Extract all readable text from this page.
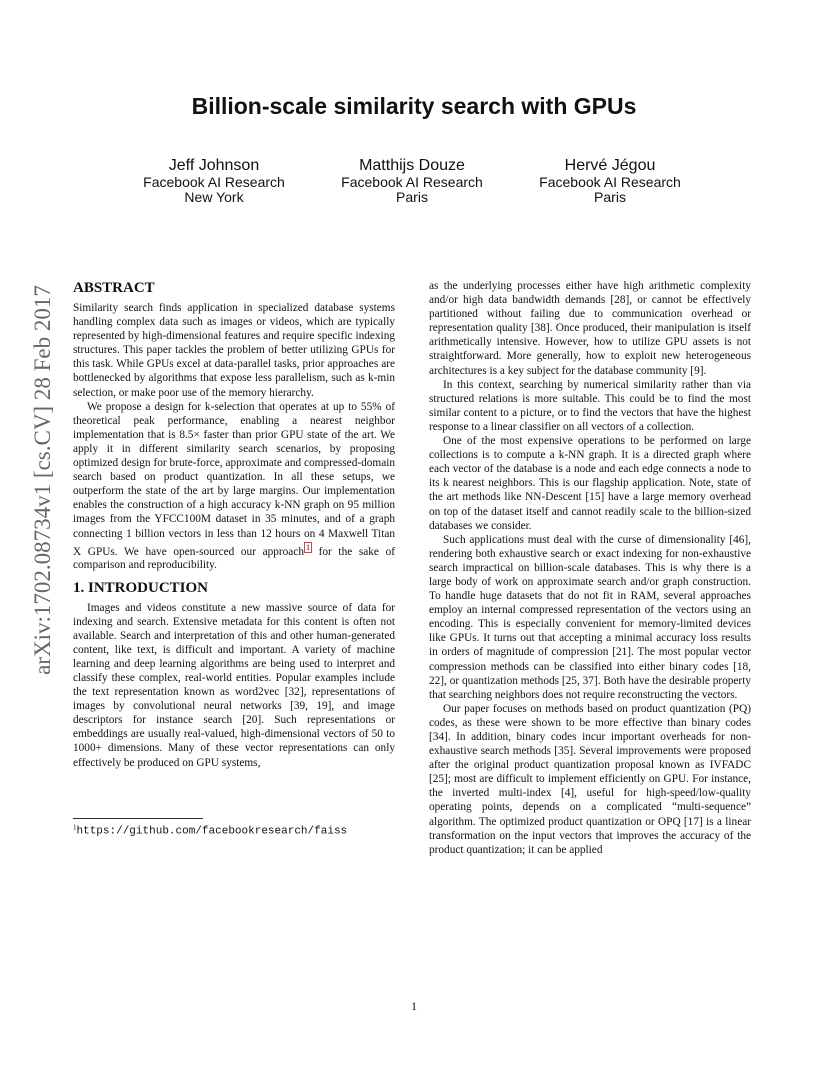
arXiv:1702.08734v1 [cs.CV] 28 Feb 2017
Billion-scale similarity search with GPUs
Jeff Johnson
Facebook AI Research
New York
Matthijs Douze
Facebook AI Research
Paris
Hervé Jégou
Facebook AI Research
Paris
ABSTRACT

Similarity search finds application in specialized database systems handling complex data such as images or videos, which are typically represented by high-dimensional features and require specific indexing structures. This paper tackles the problem of better utilizing GPUs for this task. While GPUs excel at data-parallel tasks, prior approaches are bottlenecked by algorithms that expose less parallelism, such as k-min selection, or make poor use of the memory hierarchy.

We propose a design for k-selection that operates at up to 55% of theoretical peak performance, enabling a nearest neighbor implementation that is 8.5× faster than prior GPU state of the art. We apply it in different similarity search scenarios, by proposing optimized design for brute-force, approximate and compressed-domain search based on product quantization. In all these setups, we outperform the state of the art by large margins. Our implementation enables the construction of a high accuracy k-NN graph on 95 million images from the YFCC100M dataset in 35 minutes, and of a graph connecting 1 billion vectors in less than 12 hours on 4 Maxwell Titan X GPUs. We have open-sourced our approach $^1$ for the sake of comparison and reproducibility.

1. INTRODUCTION

Images and videos constitute a new massive source of data for indexing and search. Extensive metadata for this content is often not available. Search and interpretation of this and other human-generated content, like text, is difficult and important. A variety of machine learning and deep learning algorithms are being used to interpret and classify these complex, real-world entities. Popular examples include the text representation known as word2vec [32], representations of images by convolutional neural networks [39, 19], and image descriptors for instance search [20]. Such representations or embeddings are usually real-valued, high-dimensional vectors of 50 to 1000+ dimensions. Many of these vector representations can only effectively be produced on GPU systems,

as the underlying processes either have high arithmetic complexity and/or high data bandwidth demands [28], or cannot be effectively partitioned without failing due to communication overhead or representation quality [38]. Once produced, their manipulation is itself arithmetically intensive. However, how to utilize GPU assets is not straightforward. More generally, how to exploit new heterogeneous architectures is a key subject for the database community [9].

In this context, searching by numerical similarity rather than via structured relations is more suitable. This could be to find the most similar content to a picture, or to find the vectors that have the highest response to a linear classifier on all vectors of a collection.

One of the most expensive operations to be performed on large collections is to compute a k-NN graph. It is a directed graph where each vector of the database is a node and each edge connects a node to its k nearest neighbors. This is our flagship application. Note, state of the art methods like NN-Descent [15] have a large memory overhead on top of the dataset itself and cannot readily scale to the billion-sized databases we consider.

Such applications must deal with the curse of dimensionality [46], rendering both exhaustive search or exact indexing for non-exhaustive search impractical on billion-scale databases. This is why there is a large body of work on approximate search and/or graph construction. To handle huge datasets that do not fit in RAM, several approaches employ an internal compressed representation of the vectors using an encoding. This is especially convenient for memory-limited devices like GPUs. It turns out that accepting a minimal accuracy loss results in orders of magnitude of compression [21]. The most popular vector compression methods can be classified into either binary codes [18, 22], or quantization methods [25, 37]. Both have the desirable property that searching neighbors does not require reconstructing the vectors.

Our paper focuses on methods based on product quantization (PQ) codes, as these were shown to be more effective than binary codes [34]. In addition, binary codes incur important overheads for non-exhaustive search methods [35]. Several improvements were proposed after the original product quantization proposal known as IVFADC [25]; most are difficult to implement efficiently on GPU. For instance, the inverted multi-index [4], useful for high-speed/low-quality operating points, depends on a complicated “multi-sequence” algorithm. The optimized product quantization or OPQ [17] is a linear transformation on the input vectors that improves the accuracy of the product quantization; it can be applied

$^1$https://github.com/facebookresearch/faiss
1
